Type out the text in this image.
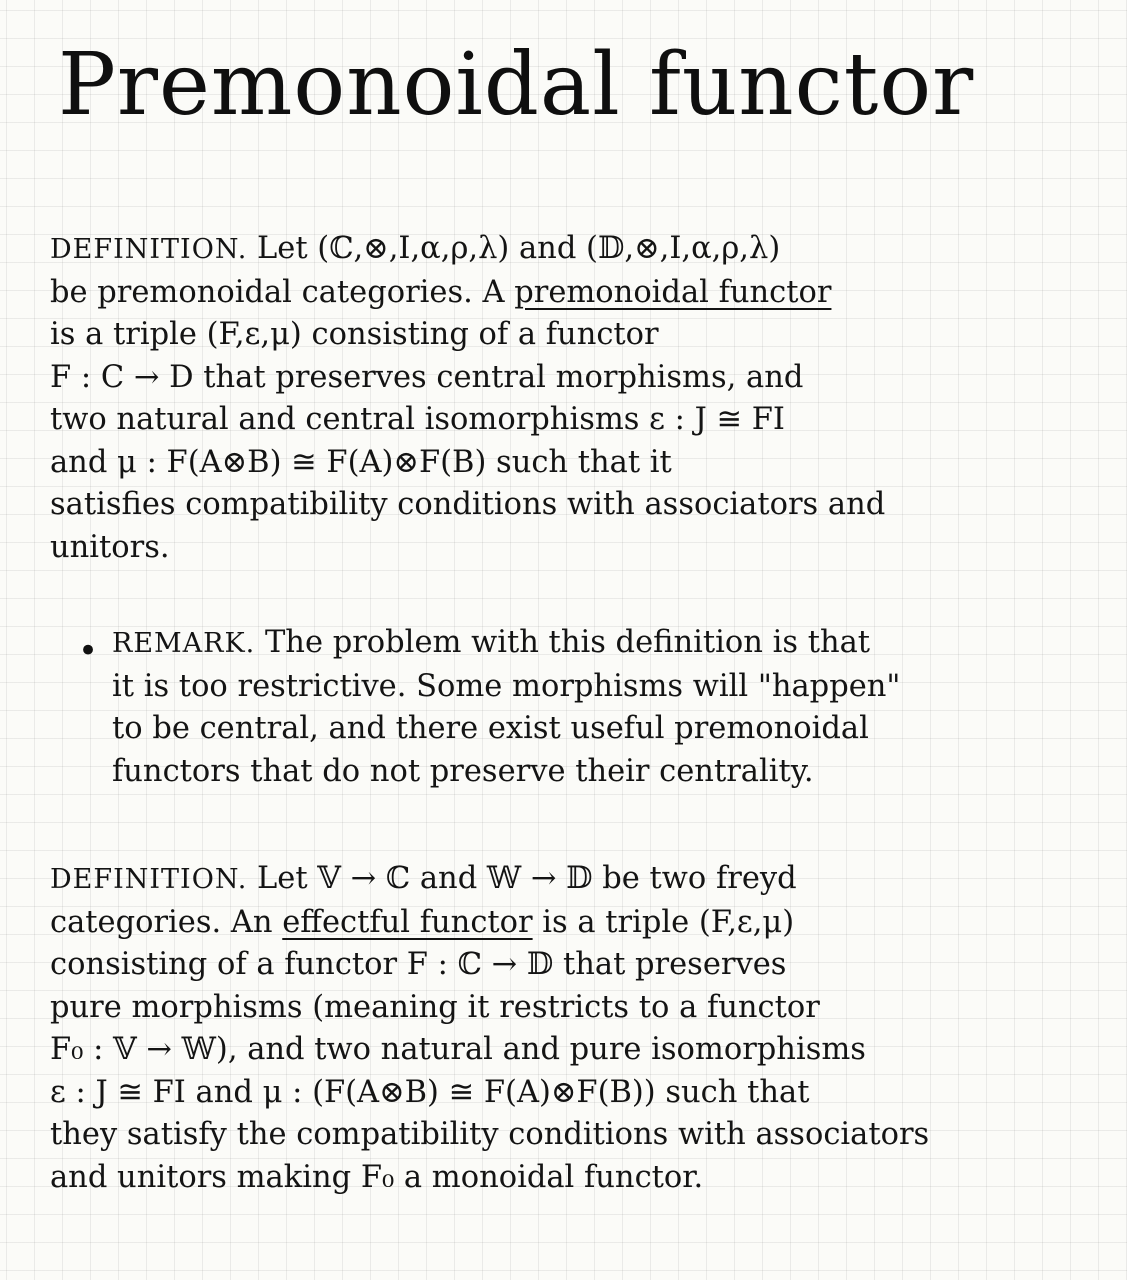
Premonoidal functor
DEFINITION. Let (ℂ,⊗,I,α,ρ,λ) and (𝔻,⊗,I,α,ρ,λ)
be premonoidal categories. A premonoidal functor
is a triple (F,ε,μ) consisting of a functor
F : C → D that preserves central morphisms, and
two natural and central isomorphisms ε : J ≅ FI
and μ : F(A⊗B) ≅ F(A)⊗F(B) such that it
satisfies compatibility conditions with associators and
unitors.
• REMARK. The problem with this definition is that
it is too restrictive. Some morphisms will "happen"
to be central, and there exist useful premonoidal
functors that do not preserve their centrality.
DEFINITION. Let 𝕍 → ℂ and 𝕎 → 𝔻 be two freyd
categories. An effectful functor is a triple (F,ε,μ)
consisting of a functor F : ℂ → 𝔻 that preserves
pure morphisms (meaning it restricts to a functor
F₀ : 𝕍 → 𝕎), and two natural and pure isomorphisms
ε : J ≅ FI and μ : (F(A⊗B) ≅ F(A)⊗F(B)) such that
they satisfy the compatibility conditions with associators
and unitors making F₀ a monoidal functor.
